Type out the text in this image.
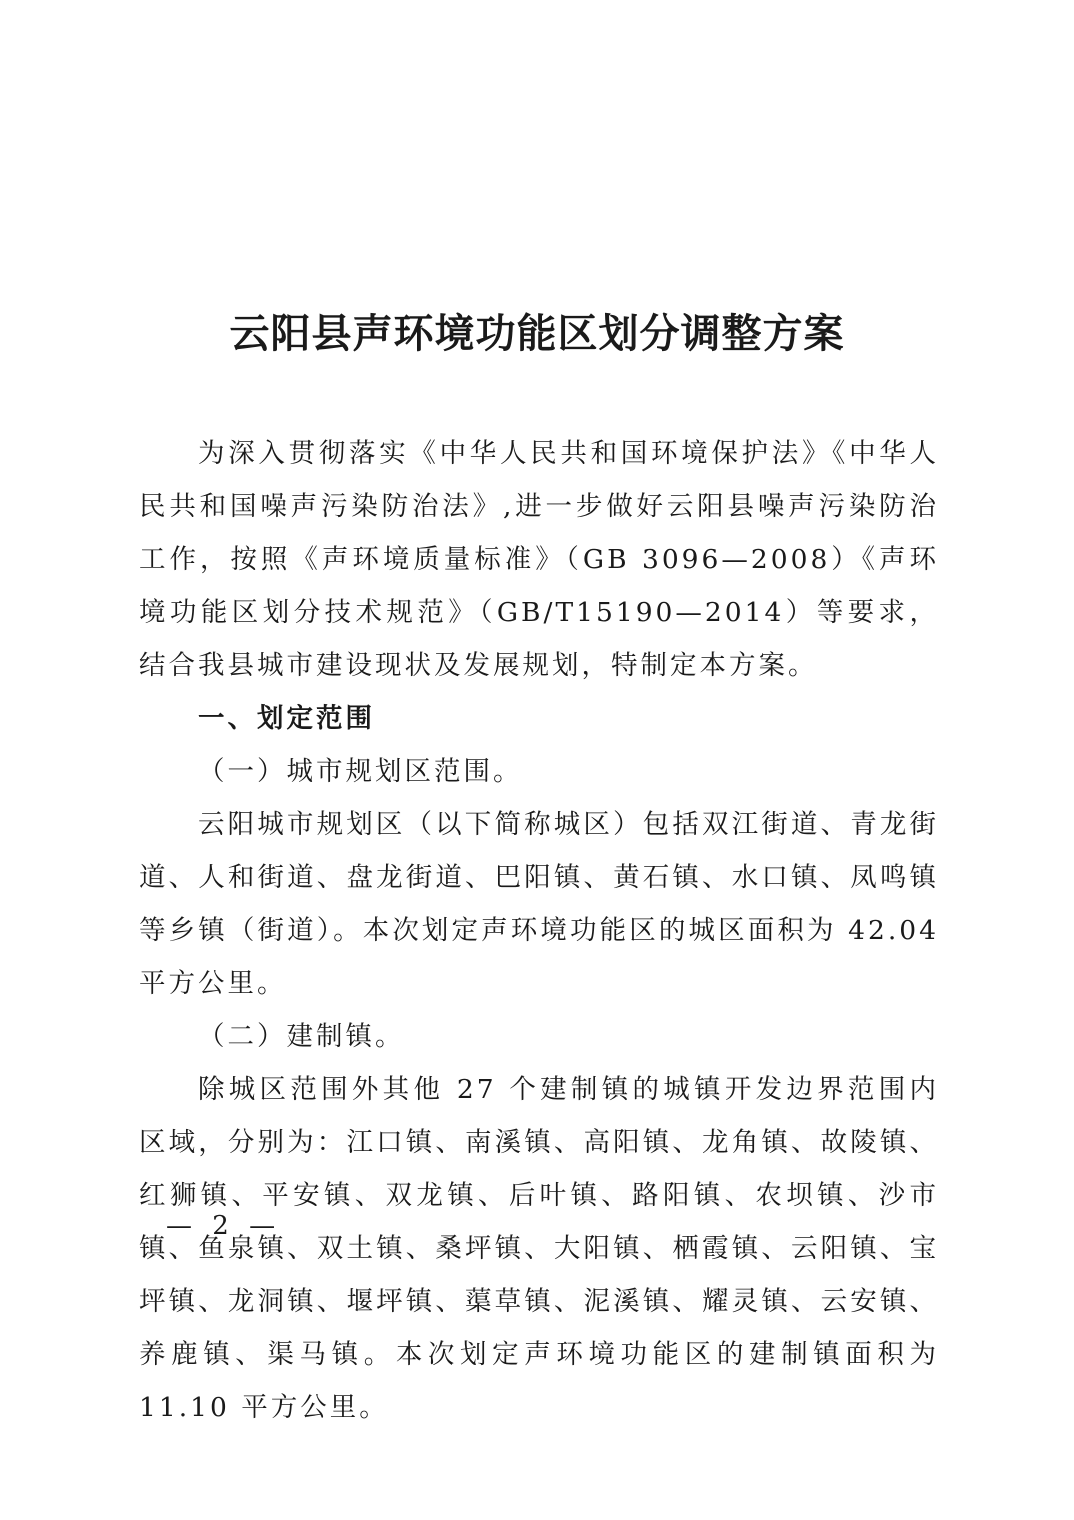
云阳县声环境功能区划分调整方案

为深入贯彻落实《中华人民共和国环境保护法》《中华人民共和国噪声污染防治法》,进一步做好云阳县噪声污染防治工作，按照《声环境质量标准》（GB 3096—2008）《声环境功能区划分技术规范》（GB/T15190—2014）等要求，结合我县城市建设现状及发展规划，特制定本方案。

一、划定范围

（一）城市规划区范围。

云阳城市规划区（以下简称城区）包括双江街道、青龙街道、人和街道、盘龙街道、巴阳镇、黄石镇、水口镇、凤鸣镇等乡镇（街道）。本次划定声环境功能区的城区面积为 42.04 平方公里。

（二）建制镇。

除城区范围外其他 27 个建制镇的城镇开发边界范围内区域，分别为：江口镇、南溪镇、高阳镇、龙角镇、故陵镇、红狮镇、平安镇、双龙镇、后叶镇、路阳镇、农坝镇、沙市镇、鱼泉镇、双土镇、桑坪镇、大阳镇、栖霞镇、云阳镇、宝坪镇、龙洞镇、堰坪镇、蕖草镇、泥溪镇、耀灵镇、云安镇、养鹿镇、渠马镇。本次划定声环境功能区的建制镇面积为 11.10 平方公里。

— 2 —
